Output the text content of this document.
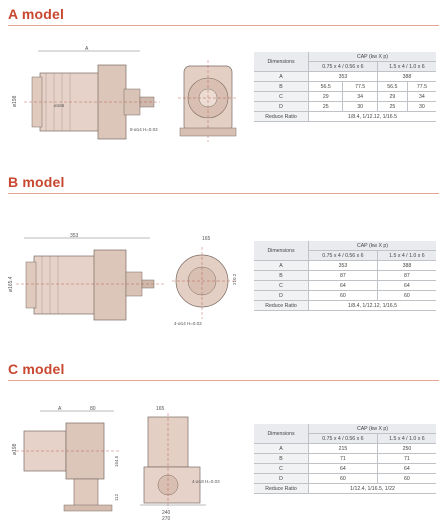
A model
A
ø198	ø166
8-ø14 H=0.03
Dimensions	CAP (kw X p)			
	0.75 x 4 / 0.56 x 6		1.5 x 4 / 1.0 x 6	
A	353		388	
B	56.5	77.5	56.5	77.5
C	29	34	29	34
D	25	30	25	30
Reduce Ratio	1/8.4, 1/12.12, 1/16.5			
B model
353
ø165.4
165
210.2
4-ø14 H=0.03
Dimensions	CAP (kw X p)	
	0.75 x 4 / 0.56 x 6	1.5 x 4 / 1.0 x 6
A	353	388
B	87	87
C	64	64
D	60	60
Reduce Ratio	1/8.4, 1/12.12, 1/16.5	
C model
A	80
ø198
164.5
112
165
240
270
4-ø18 H=0.03
Dimensions	CAP (kw X p)	
	0.75 x 4 / 0.56 x 6	1.5 x 4 / 1.0 x 6
A	215	250
B	71	71
C	64	64
D	60	60
Reduce Ratio	1/12.4, 1/16.5, 1/22	
